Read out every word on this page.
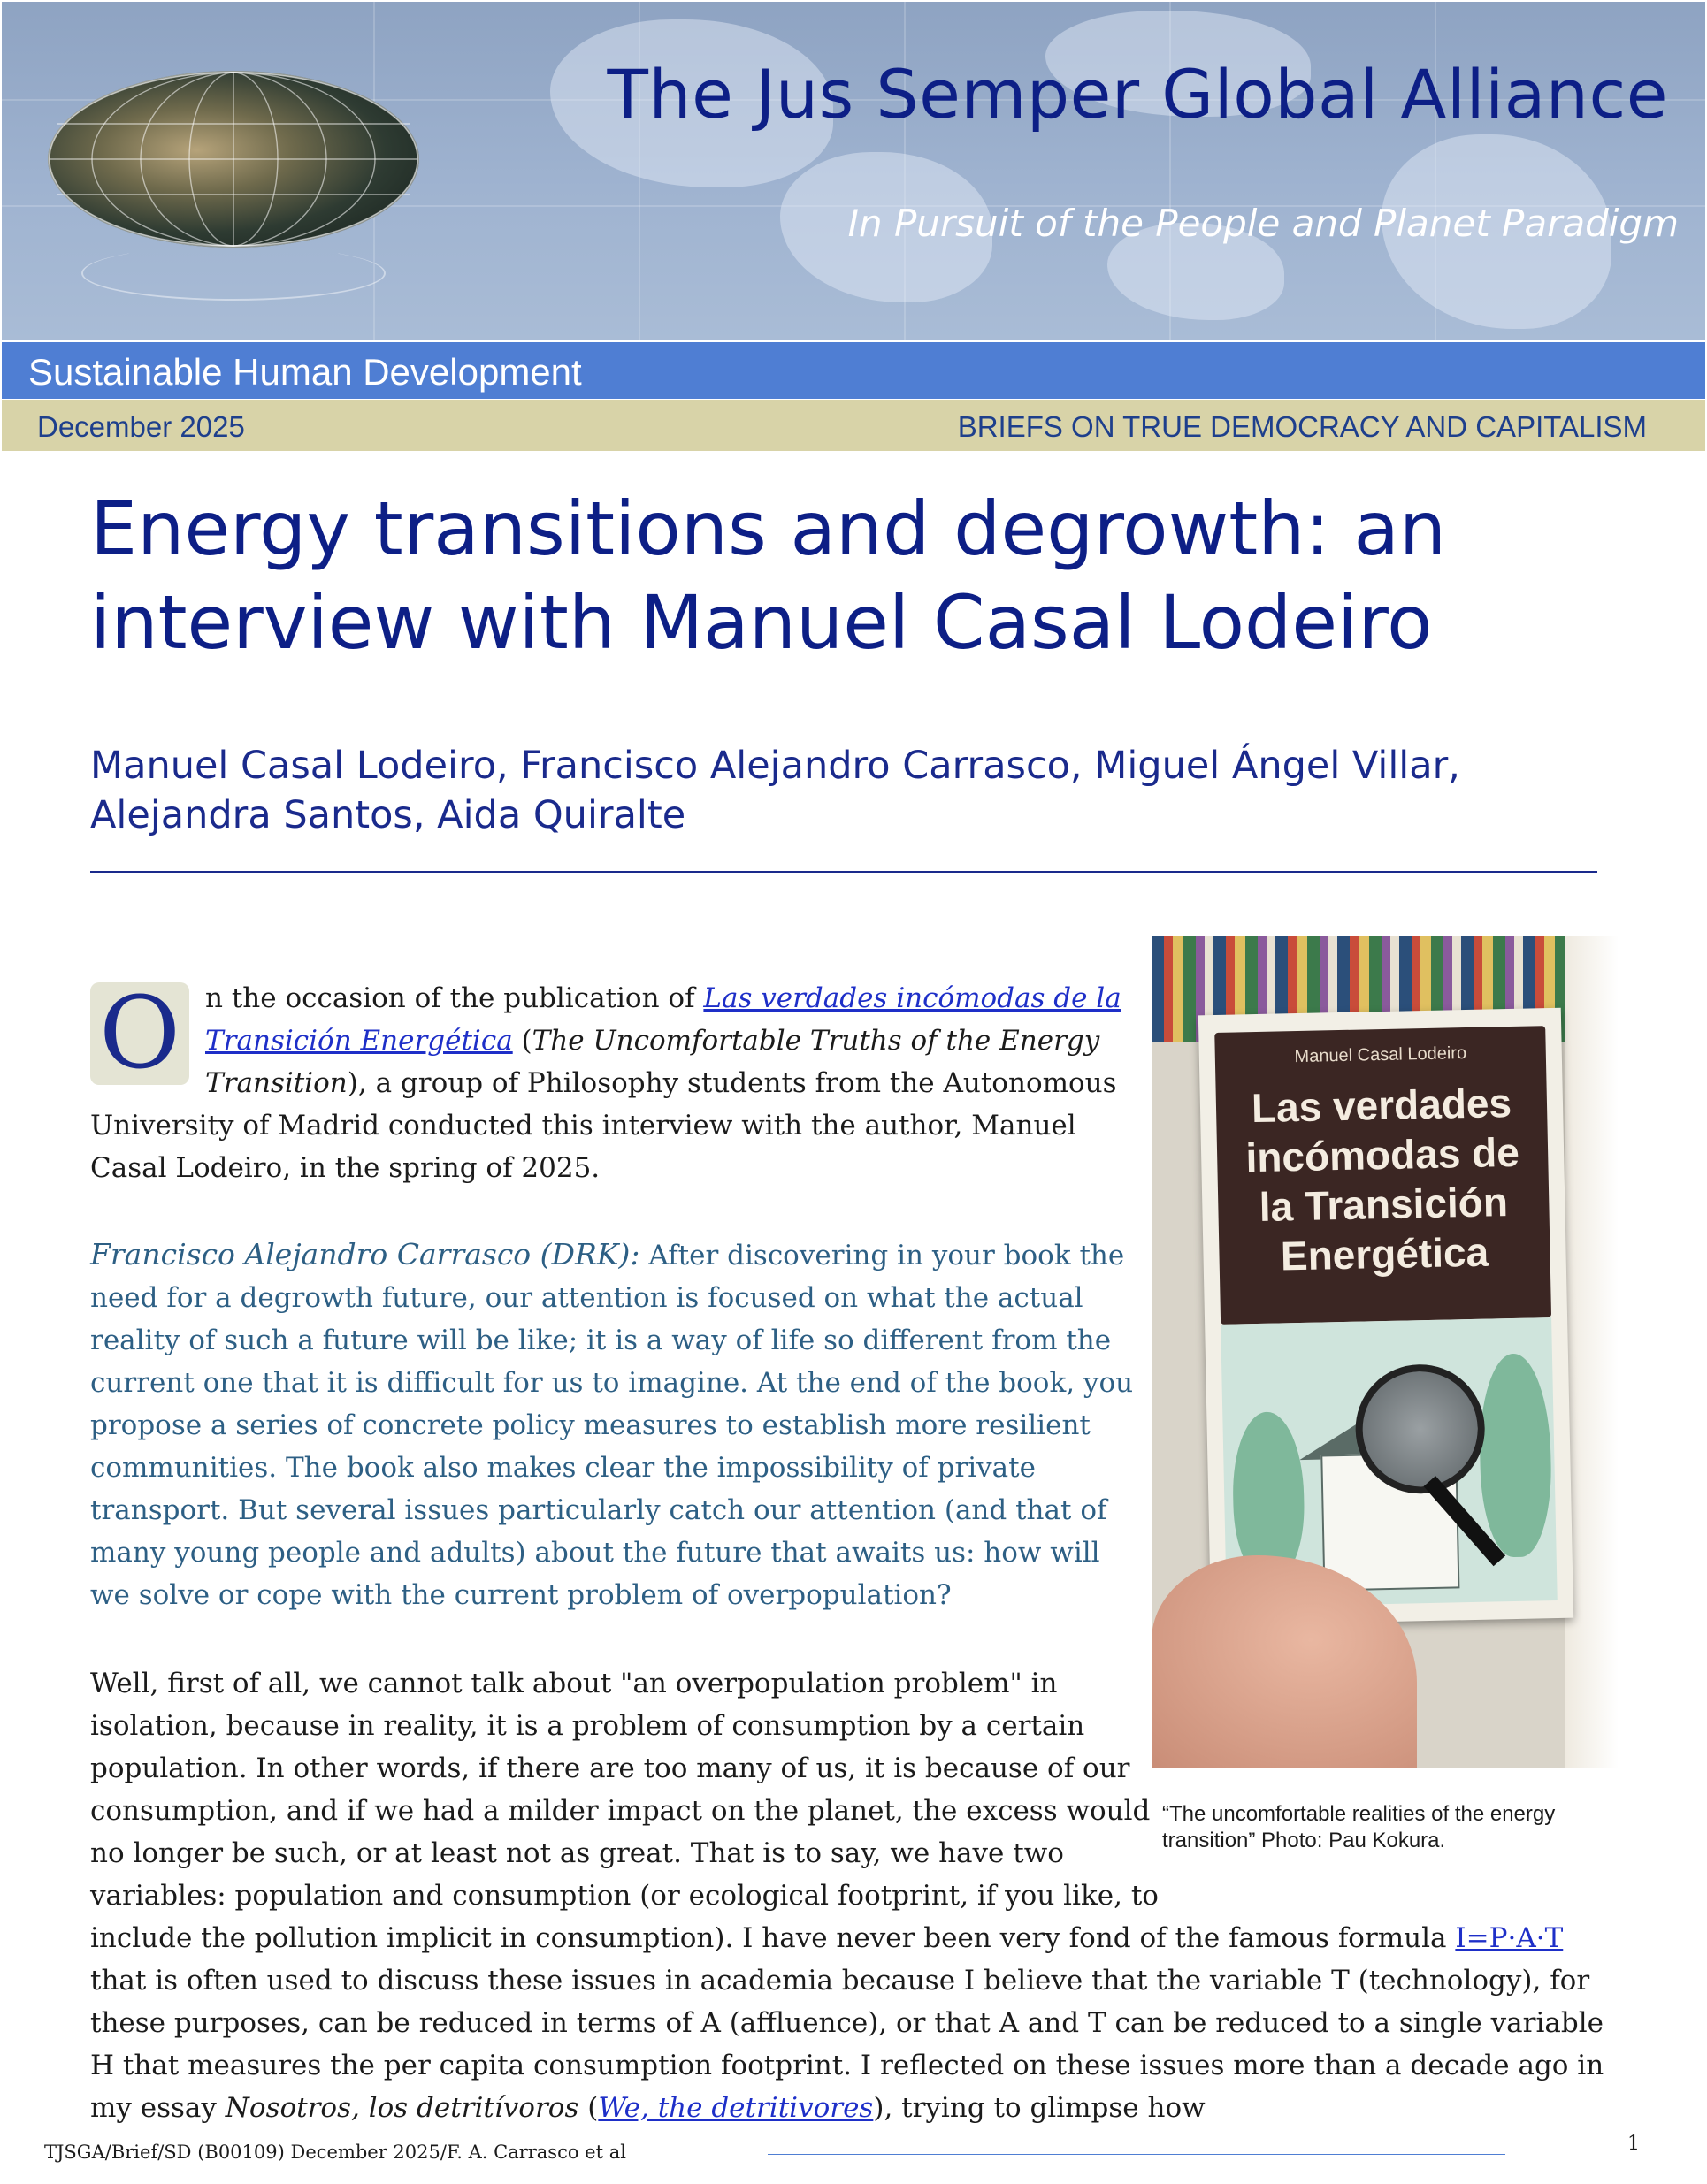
The Jus Semper Global Alliance
In Pursuit of the People and Planet Paradigm
Sustainable Human Development
December 2025	BRIEFS ON TRUE DEMOCRACY AND CAPITALISM
Energy transitions and degrowth: an
interview with Manuel Casal Lodeiro
Manuel Casal Lodeiro, Francisco Alejandro Carrasco, Miguel Ángel Villar, Alejandra Santos, Aida Quiralte
O n the occasion of the publication of Las verdades incómodas de la Transición Energética (The Uncomfortable Truths of the Energy Transition), a group of Philosophy students from the Autonomous University of Madrid conducted this interview with the author, Manuel Casal Lodeiro, in the spring of 2025.
Francisco Alejandro Carrasco (DRK): After discovering in your book the need for a degrowth future, our attention is focused on what the actual reality of such a future will be like; it is a way of life so different from the current one that it is difficult for us to imagine. At the end of the book, you propose a series of concrete policy measures to establish more resilient communities. The book also makes clear the impossibility of private transport. But several issues particularly catch our attention (and that of many young people and adults) about the future that awaits us: how will we solve or cope with the current problem of overpopulation?
Well, first of all, we cannot talk about "an overpopulation problem" in isolation, because in reality, it is a problem of consumption by a certain population. In other words, if there are too many of us, it is because of our consumption, and if we had a milder impact on the planet, the excess would no longer be such, or at least not as great. That is to say, we have two variables: population and consumption (or ecological footprint, if you like, to include the pollution implicit in consumption). I have never been very fond of the famous formula I=P·A·T that is often used to discuss these issues in academia because I believe that the variable T (technology), for these purposes, can be reduced in terms of A (affluence), or that A and T can be reduced to a single variable H that measures the per capita consumption footprint. I reflected on these issues more than a decade ago in my essay Nosotros, los detritívoros (We, the detritivores), trying to glimpse how
Manuel Casal Lodeiro
Las verdades incómodas de la Transición Energética
“The uncomfortable realities of the energy transition” Photo: Pau Kokura.
TJSGA/Brief/SD (B00109) December 2025/F. A. Carrasco et al	1
